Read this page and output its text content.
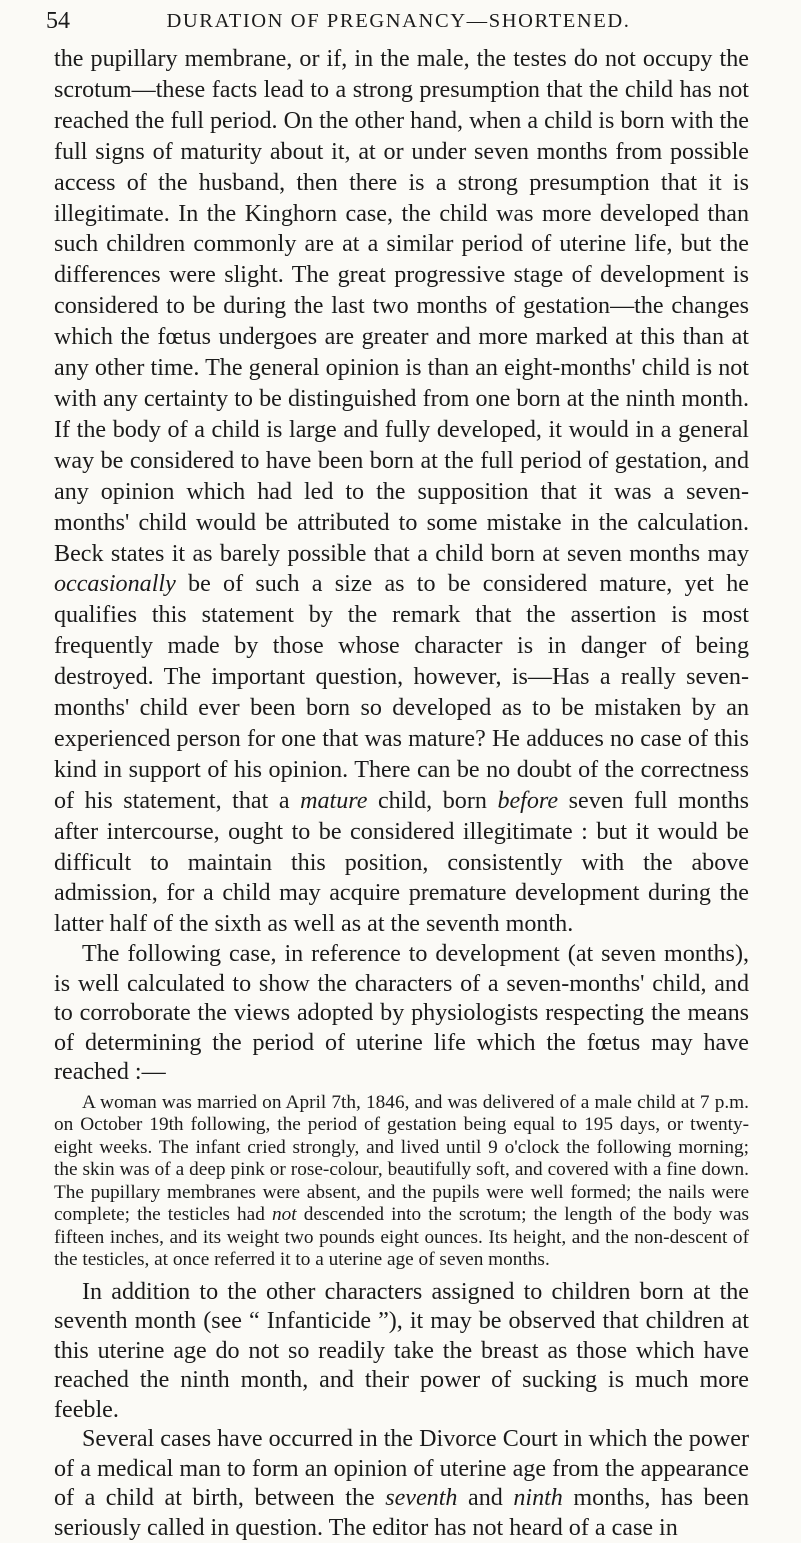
54	DURATION OF PREGNANCY—SHORTENED.

the pupillary membrane, or if, in the male, the testes do not occupy the scrotum—these facts lead to a strong presumption that the child has not reached the full period. On the other hand, when a child is born with the full signs of maturity about it, at or under seven months from possible access of the husband, then there is a strong presumption that it is illegitimate. In the Kinghorn case, the child was more developed than such children commonly are at a similar period of uterine life, but the differences were slight. The great progressive stage of development is considered to be during the last two months of gestation—the changes which the fœtus undergoes are greater and more marked at this than at any other time. The general opinion is than an eight-months' child is not with any certainty to be distinguished from one born at the ninth month. If the body of a child is large and fully developed, it would in a general way be considered to have been born at the full period of gestation, and any opinion which had led to the supposition that it was a seven-months' child would be attributed to some mistake in the calculation. Beck states it as barely possible that a child born at seven months may occasionally be of such a size as to be considered mature, yet he qualifies this statement by the remark that the assertion is most frequently made by those whose character is in danger of being destroyed. The important question, however, is—Has a really seven-months' child ever been born so developed as to be mistaken by an experienced person for one that was mature? He adduces no case of this kind in support of his opinion. There can be no doubt of the correctness of his statement, that a mature child, born before seven full months after intercourse, ought to be considered illegitimate : but it would be difficult to maintain this position, consistently with the above admission, for a child may acquire premature development during the latter half of the sixth as well as at the seventh month.

The following case, in reference to development (at seven months), is well calculated to show the characters of a seven-months' child, and to corroborate the views adopted by physiologists respecting the means of determining the period of uterine life which the fœtus may have reached :—

A woman was married on April 7th, 1846, and was delivered of a male child at 7 p.m. on October 19th following, the period of gestation being equal to 195 days, or twenty-eight weeks. The infant cried strongly, and lived until 9 o'clock the following morning; the skin was of a deep pink or rose-colour, beautifully soft, and covered with a fine down. The pupillary membranes were absent, and the pupils were well formed; the nails were complete; the testicles had not descended into the scrotum; the length of the body was fifteen inches, and its weight two pounds eight ounces. Its height, and the non-descent of the testicles, at once referred it to a uterine age of seven months.

In addition to the other characters assigned to children born at the seventh month (see “ Infanticide ”), it may be observed that children at this uterine age do not so readily take the breast as those which have reached the ninth month, and their power of sucking is much more feeble.

Several cases have occurred in the Divorce Court in which the power of a medical man to form an opinion of uterine age from the appearance of a child at birth, between the seventh and ninth months, has been seriously called in question. The editor has not heard of a case in
